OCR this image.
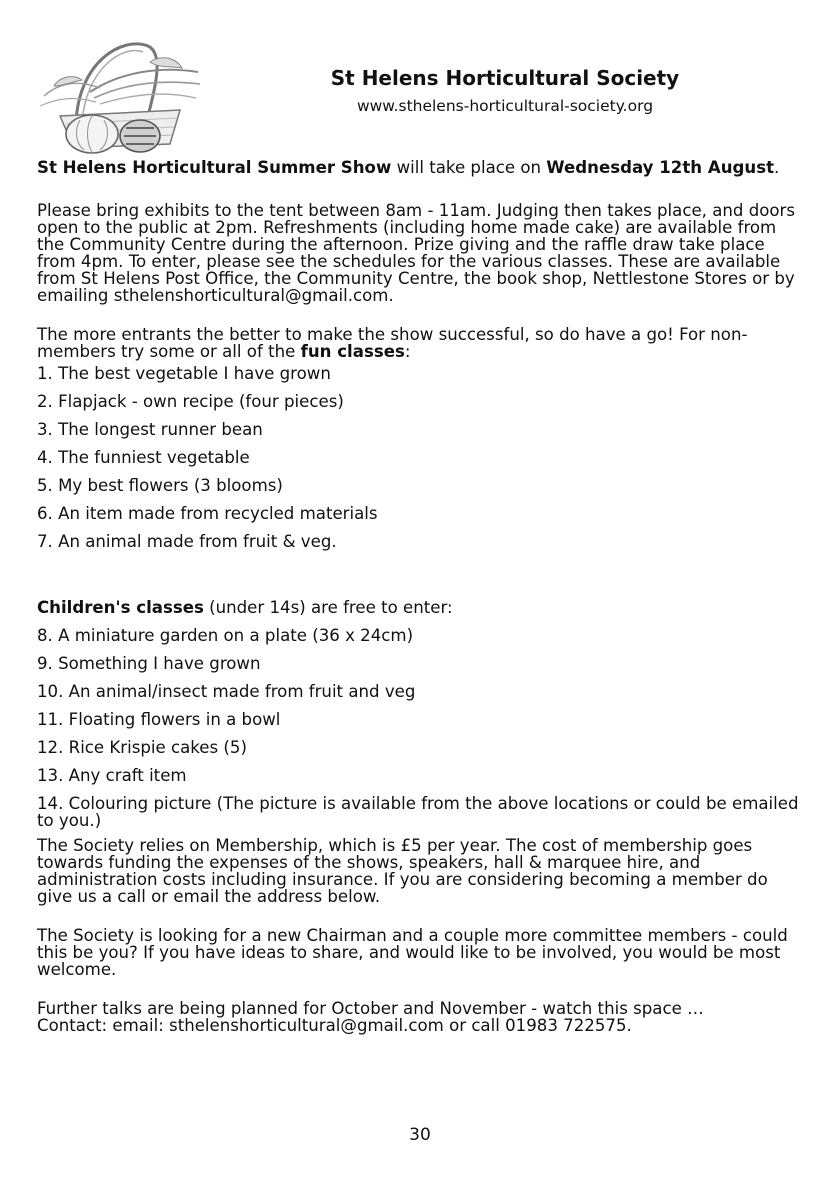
St Helens Horticultural Society
www.sthelens-horticultural-society.org

St Helens Horticultural Summer Show will take place on Wednesday 12th August.

Please bring exhibits to the tent between 8am - 11am. Judging then takes place, and doors open to the public at 2pm. Refreshments (including home made cake) are available from the Community Centre during the afternoon. Prize giving and the raffle draw take place from 4pm. To enter, please see the schedules for the various classes. These are available from St Helens Post Office, the Community Centre, the book shop, Nettlestone Stores or by emailing sthelenshorticultural@gmail.com.

The more entrants the better to make the show successful, so do have a go! For non-members try some or all of the fun classes:

1. The best vegetable I have grown
2. Flapjack - own recipe (four pieces)
3. The longest runner bean
4. The funniest vegetable
5. My best flowers (3 blooms)
6. An item made from recycled materials
7. An animal made from fruit & veg.

Children's classes (under 14s) are free to enter:

8. A miniature garden on a plate (36 x 24cm)
9. Something I have grown
10. An animal/insect made from fruit and veg
11. Floating flowers in a bowl
12. Rice Krispie cakes (5)
13. Any craft item
14. Colouring picture (The picture is available from the above locations or could be emailed to you.)

The Society relies on Membership, which is £5 per year. The cost of membership goes towards funding the expenses of the shows, speakers, hall & marquee hire, and administration costs including insurance. If you are considering becoming a member do give us a call or email the address below.

The Society is looking for a new Chairman and a couple more committee members - could this be you? If you have ideas to share, and would like to be involved, you would be most welcome.

Further talks are being planned for October and November - watch this space …

Contact: email: sthelenshorticultural@gmail.com or call 01983 722575.

30
